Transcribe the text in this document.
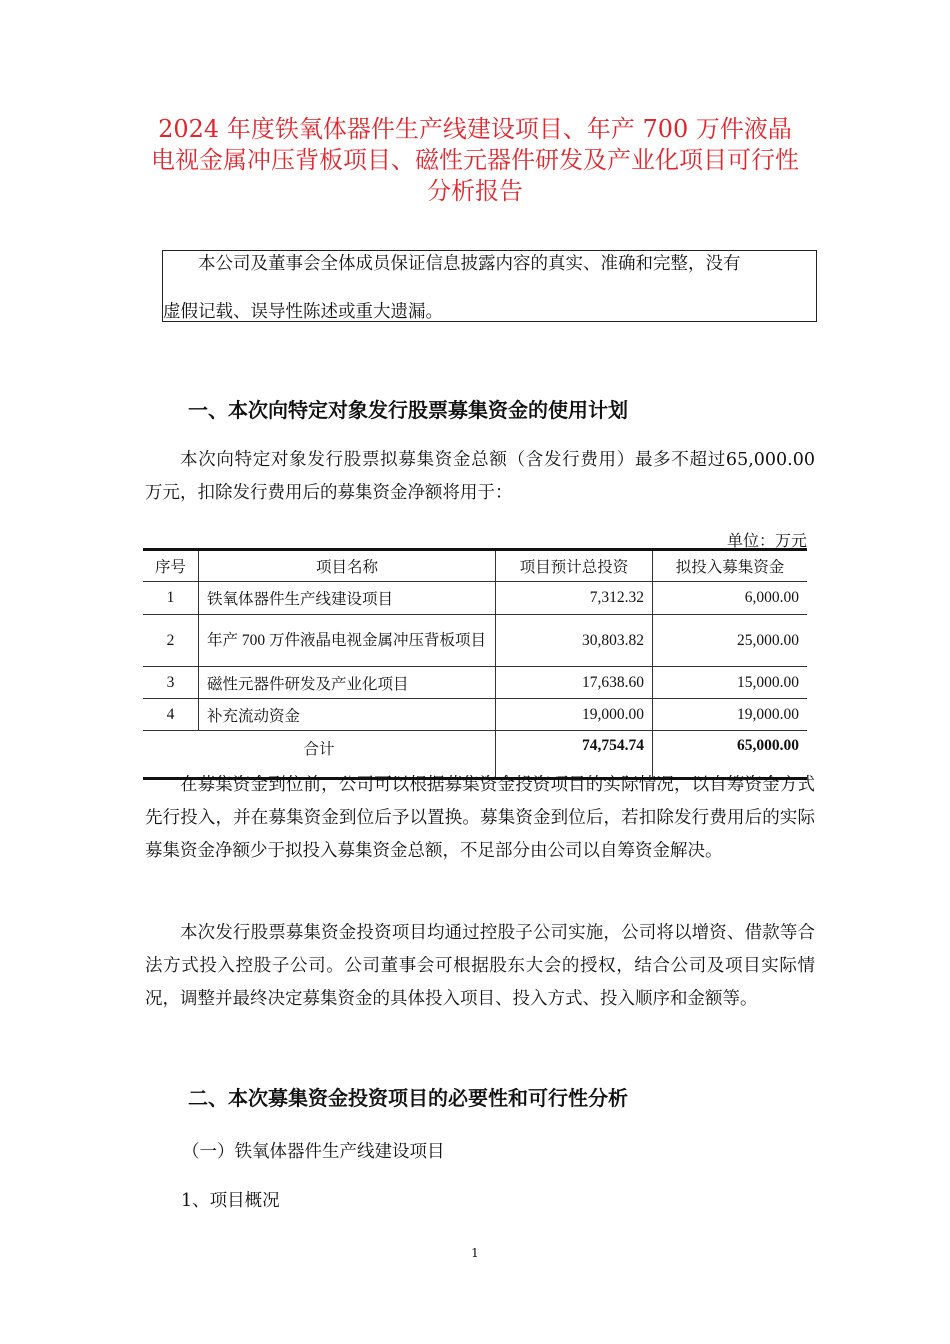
2024 年度铁氧体器件生产线建设项目、年产 700 万件液晶电视金属冲压背板项目、磁性元器件研发及产业化项目可行性分析报告

本公司及董事会全体成员保证信息披露内容的真实、准确和完整，没有

虚假记载、误导性陈述或重大遗漏。

一、本次向特定对象发行股票募集资金的使用计划

本次向特定对象发行股票拟募集资金总额（含发行费用）最多不超过65,000.00 万元，扣除发行费用后的募集资金净额将用于：

单位：万元
序号	项目名称	项目预计总投资	拟投入募集资金
1	铁氧体器件生产线建设项目	7,312.32	6,000.00
2	年产 700 万件液晶电视金属冲压背板项目	30,803.82	25,000.00
3	磁性元器件研发及产业化项目	17,638.60	15,000.00
4	补充流动资金	19,000.00	19,000.00
合计		74,754.74	65,000.00

在募集资金到位前，公司可以根据募集资金投资项目的实际情况，以自筹资金方式先行投入，并在募集资金到位后予以置换。募集资金到位后，若扣除发行费用后的实际募集资金净额少于拟投入募集资金总额，不足部分由公司以自筹资金解决。

本次发行股票募集资金投资项目均通过控股子公司实施，公司将以增资、借款等合法方式投入控股子公司。公司董事会可根据股东大会的授权，结合公司及项目实际情况，调整并最终决定募集资金的具体投入项目、投入方式、投入顺序和金额等。

二、本次募集资金投资项目的必要性和可行性分析
（一）铁氧体器件生产线建设项目
1、项目概况
1
